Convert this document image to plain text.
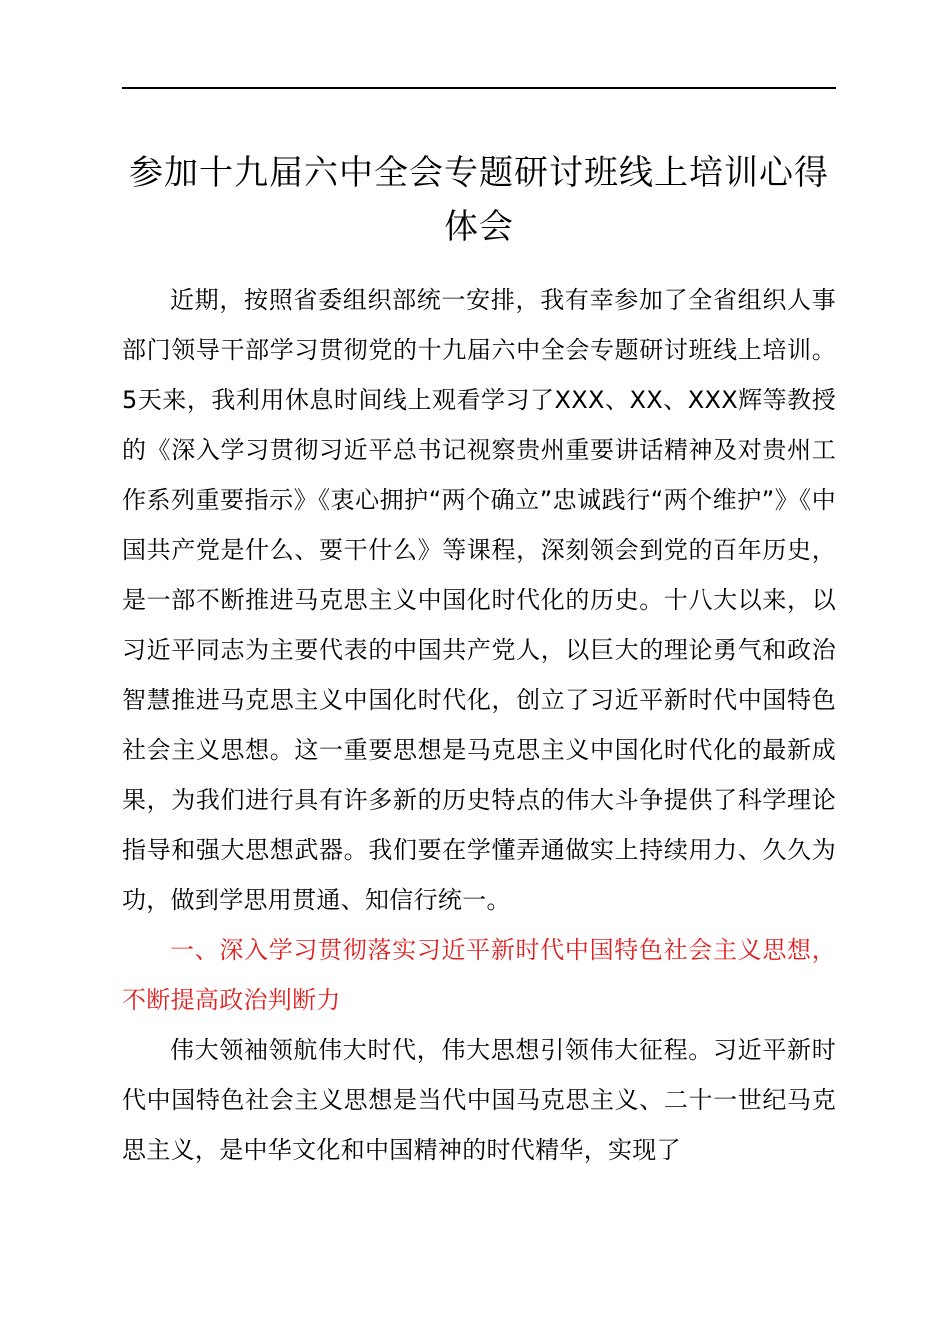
参加十九届六中全会专题研讨班线上培训心得
体会

近期，按照省委组织部统一安排，我有幸参加了全省组织人事部门领导干部学习贯彻党的十九届六中全会专题研讨班线上培训。5天来，我利用休息时间线上观看学习了XXX、XX、XXX辉等教授的《深入学习贯彻习近平总书记视察贵州重要讲话精神及对贵州工作系列重要指示》《衷心拥护“两个确立”忠诚践行“两个维护”》《中国共产党是什么、要干什么》等课程，深刻领会到党的百年历史，是一部不断推进马克思主义中国化时代化的历史。十八大以来，以习近平同志为主要代表的中国共产党人，以巨大的理论勇气和政治智慧推进马克思主义中国化时代化，创立了习近平新时代中国特色社会主义思想。这一重要思想是马克思主义中国化时代化的最新成果，为我们进行具有许多新的历史特点的伟大斗争提供了科学理论指导和强大思想武器。我们要在学懂弄通做实上持续用力、久久为功，做到学思用贯通、知信行统一。

一、深入学习贯彻落实习近平新时代中国特色社会主义思想，不断提高政治判断力

伟大领袖领航伟大时代，伟大思想引领伟大征程。习近平新时代中国特色社会主义思想是当代中国马克思主义、二十一世纪马克思主义，是中华文化和中国精神的时代精华，实现了
